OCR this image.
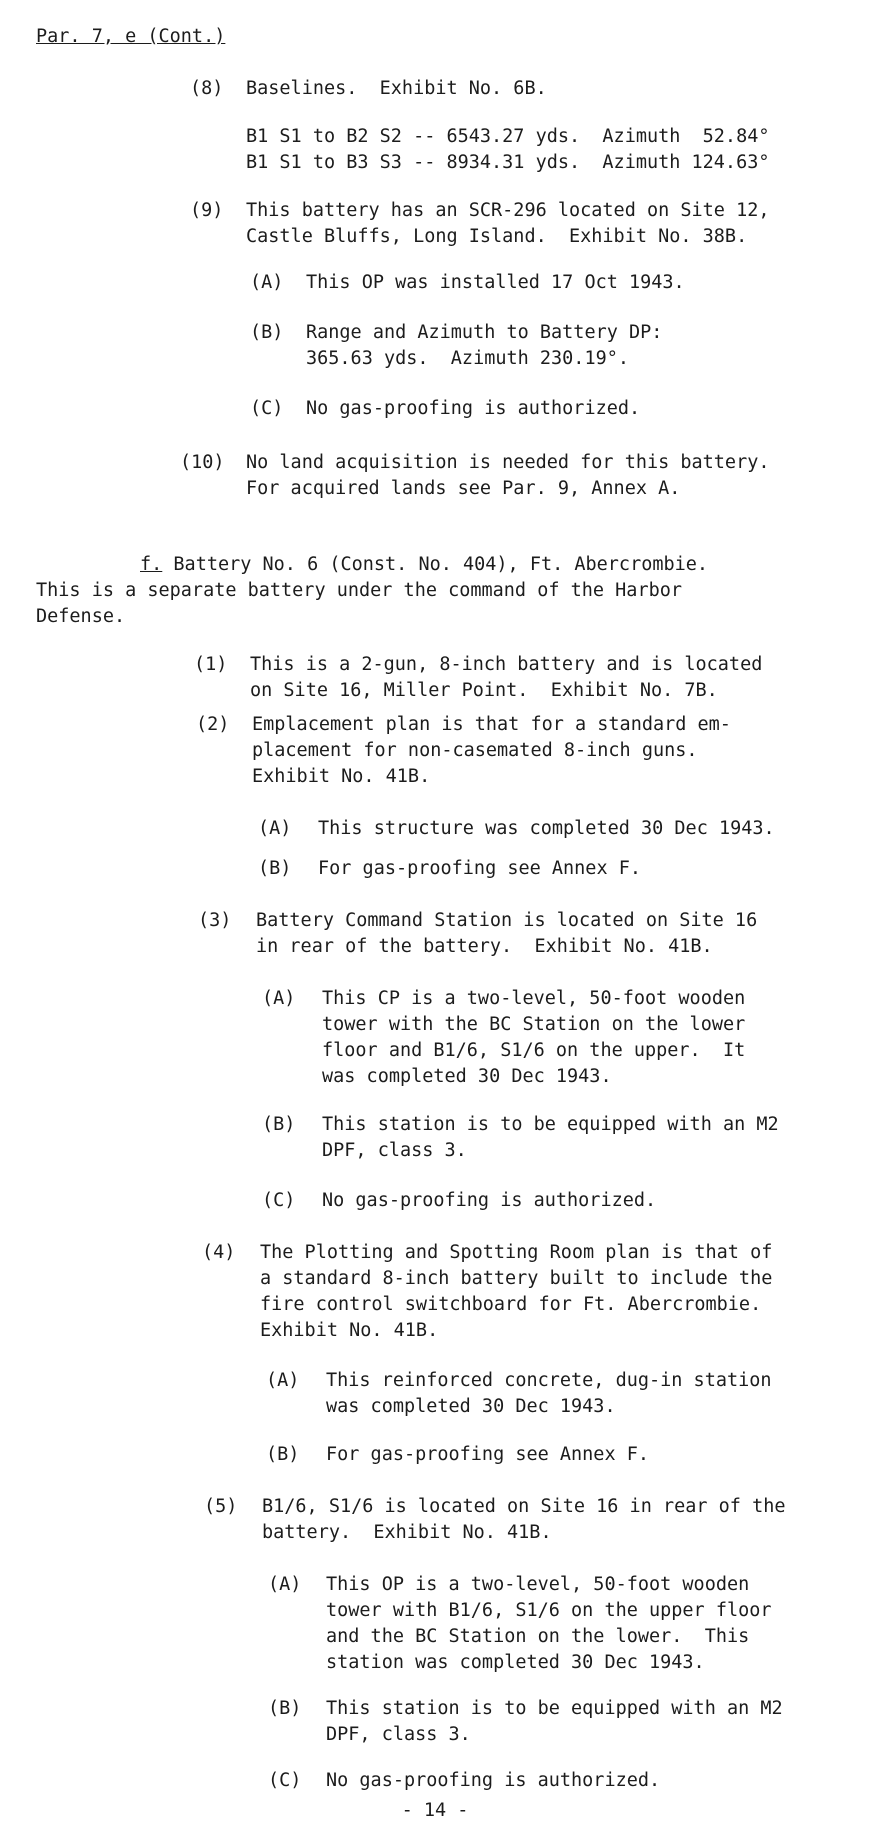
Par. 7, e (Cont.)
(8)	Baselines.  Exhibit No. 6B.
B1 S1 to B2 S2 -- 6543.27 yds.  Azimuth  52.84°
B1 S1 to B3 S3 -- 8934.31 yds.  Azimuth 124.63°
(9)	This battery has an SCR-296 located on Site 12,
Castle Bluffs, Long Island.  Exhibit No. 38B.
(A)	This OP was installed 17 Oct 1943.
(B)	Range and Azimuth to Battery DP:
365.63 yds.  Azimuth 230.19°.
(C)	No gas-proofing is authorized.
(10)	No land acquisition is needed for this battery.
For acquired lands see Par. 9, Annex A.
f. Battery No. 6 (Const. No. 404), Ft. Abercrombie.
This is a separate battery under the command of the Harbor
Defense.
(1)	This is a 2-gun, 8-inch battery and is located
on Site 16, Miller Point.  Exhibit No. 7B.
(2)	Emplacement plan is that for a standard em-
placement for non-casemated 8-inch guns.
Exhibit No. 41B.
(A)	This structure was completed 30 Dec 1943.
(B)	For gas-proofing see Annex F.
(3)	Battery Command Station is located on Site 16
in rear of the battery.  Exhibit No. 41B.
(A)	This CP is a two-level, 50-foot wooden
tower with the BC Station on the lower
floor and B1/6, S1/6 on the upper.  It
was completed 30 Dec 1943.
(B)	This station is to be equipped with an M2
DPF, class 3.
(C)	No gas-proofing is authorized.
(4)	The Plotting and Spotting Room plan is that of
a standard 8-inch battery built to include the
fire control switchboard for Ft. Abercrombie.
Exhibit No. 41B.
(A)	This reinforced concrete, dug-in station
was completed 30 Dec 1943.
(B)	For gas-proofing see Annex F.
(5)	B1/6, S1/6 is located on Site 16 in rear of the
battery.  Exhibit No. 41B.
(A)	This OP is a two-level, 50-foot wooden
tower with B1/6, S1/6 on the upper floor
and the BC Station on the lower.  This
station was completed 30 Dec 1943.
(B)	This station is to be equipped with an M2
DPF, class 3.
(C)	No gas-proofing is authorized.
- 14 -
